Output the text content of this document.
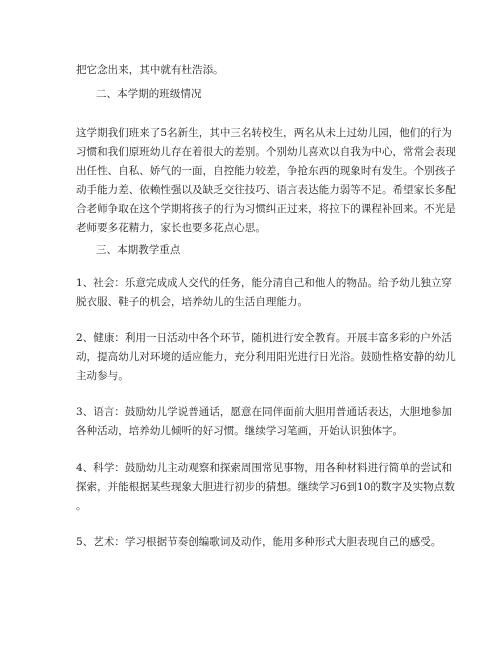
把它念出来，其中就有杜浩添。
二、本学期的班级情况
这学期我们班来了5名新生，其中三名转校生，两名从未上过幼儿园，他们的行为
习惯和我们原班幼儿存在着很大的差别。个别幼儿喜欢以自我为中心，常常会表现
出任性、自私、娇气的一面，自控能力较差，争抢东西的现象时有发生。个别孩子
动手能力差、依赖性强以及缺乏交往技巧、语言表达能力弱等不足。希望家长多配
合老师争取在这个学期将孩子的行为习惯纠正过来，将拉下的课程补回来。不光是
老师要多花精力，家长也要多花点心思。
三、本期教学重点
1、社会：乐意完成成人交代的任务，能分清自己和他人的物品。给予幼儿独立穿
脱衣服、鞋子的机会，培养幼儿的生活自理能力。
2、健康：利用一日活动中各个环节，随机进行安全教育。开展丰富多彩的户外活
动，提高幼儿对环境的适应能力，充分利用阳光进行日光浴。鼓励性格安静的幼儿
主动参与。
3、语言：鼓励幼儿学说普通话，愿意在同伴面前大胆用普通话表达，大胆地参加
各种活动，培养幼儿倾听的好习惯。继续学习笔画，开始认识独体字。
4、科学：鼓励幼儿主动观察和探索周围常见事物，用各种材料进行简单的尝试和
探索，并能根据某些现象大胆进行初步的猜想。继续学习6到10的数字及实物点数
。
5、艺术：学习根据节奏创编歌词及动作，能用多种形式大胆表现自己的感受。
